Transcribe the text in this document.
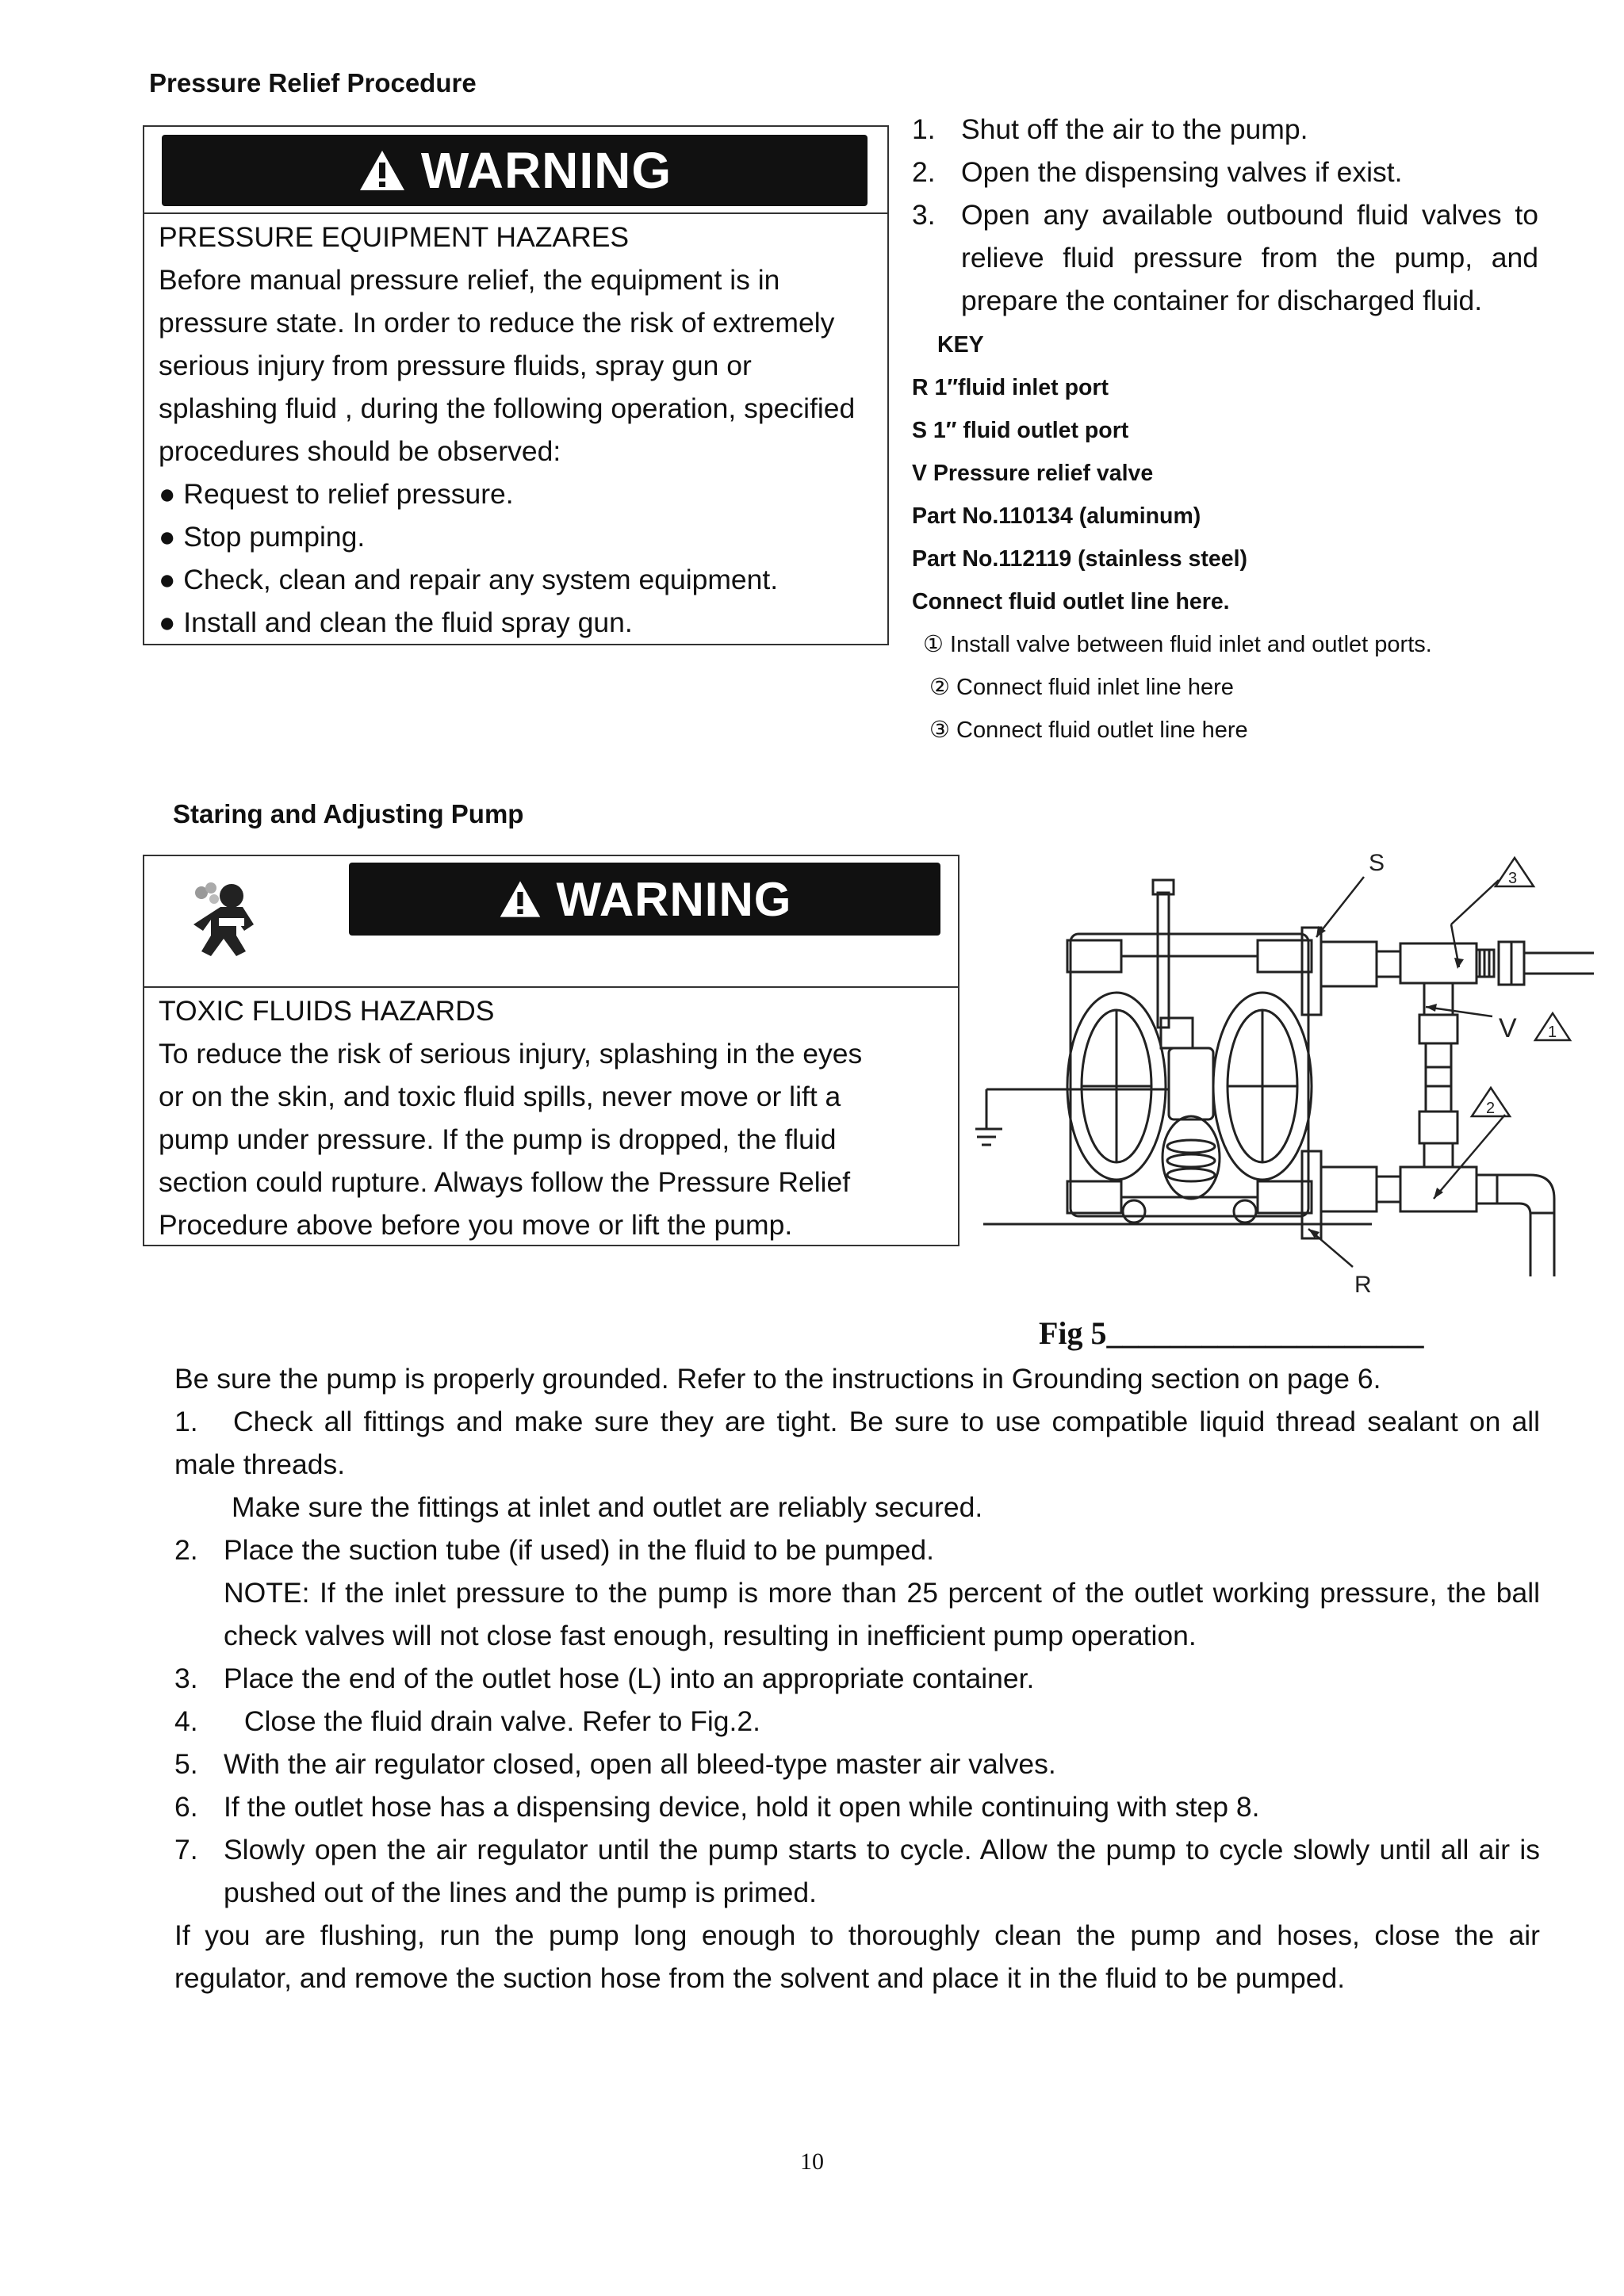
Pressure Relief Procedure
WARNING
PRESSURE EQUIPMENT HAZARES
Before manual pressure relief, the equipment is in
pressure state. In order to reduce the risk of extremely
serious injury from pressure fluids, spray gun or
splashing fluid , during the following operation, specified
procedures should be observed:
● Request to relief pressure.
● Stop pumping.
● Check, clean and repair any system equipment.
● Install and clean the fluid spray gun.
1. Shut off the air to the pump.
2. Open the dispensing valves if exist.
3. Open any available outbound fluid valves to
relieve fluid pressure from the pump, and
prepare the container for discharged fluid.
KEY
R 1″fluid inlet port
S 1″ fluid outlet port
V Pressure relief valve
Part No.110134 (aluminum)
Part No.112119 (stainless steel)
Connect fluid outlet line here.
① Install valve between fluid inlet and outlet ports.
② Connect fluid inlet line here
③ Connect fluid outlet line here
Staring and Adjusting Pump
WARNING
TOXIC FLUIDS HAZARDS
To reduce the risk of serious injury, splashing in the eyes
or on the skin, and toxic fluid spills, never move or lift a
pump under pressure. If the pump is dropped, the fluid
section could rupture. Always follow the Pressure Relief
Procedure above before you move or lift the pump.
S
3
V 1
2
R
Fig 5____________________
Be sure the pump is properly grounded. Refer to the instructions in Grounding section on page 6.
1.	Check all fittings and make sure they are tight. Be sure to use compatible liquid thread sealant on all
male threads.
Make sure the fittings at inlet and outlet are reliably secured.
2. Place the suction tube (if used) in the fluid to be pumped.
NOTE: If the inlet pressure to the pump is more than 25 percent of the outlet working pressure, the ball
check valves will not close fast enough, resulting in inefficient pump operation.
3. Place the end of the outlet hose (L) into an appropriate container.
4. Close the fluid drain valve. Refer to Fig.2.
5. With the air regulator closed, open all bleed-type master air valves.
6. If the outlet hose has a dispensing device, hold it open while continuing with step 8.
7. Slowly open the air regulator until the pump starts to cycle. Allow the pump to cycle slowly until all air is
pushed out of the lines and the pump is primed.
If you are flushing, run the pump long enough to thoroughly clean the pump and hoses, close the air
regulator, and remove the suction hose from the solvent and place it in the fluid to be pumped.
10
